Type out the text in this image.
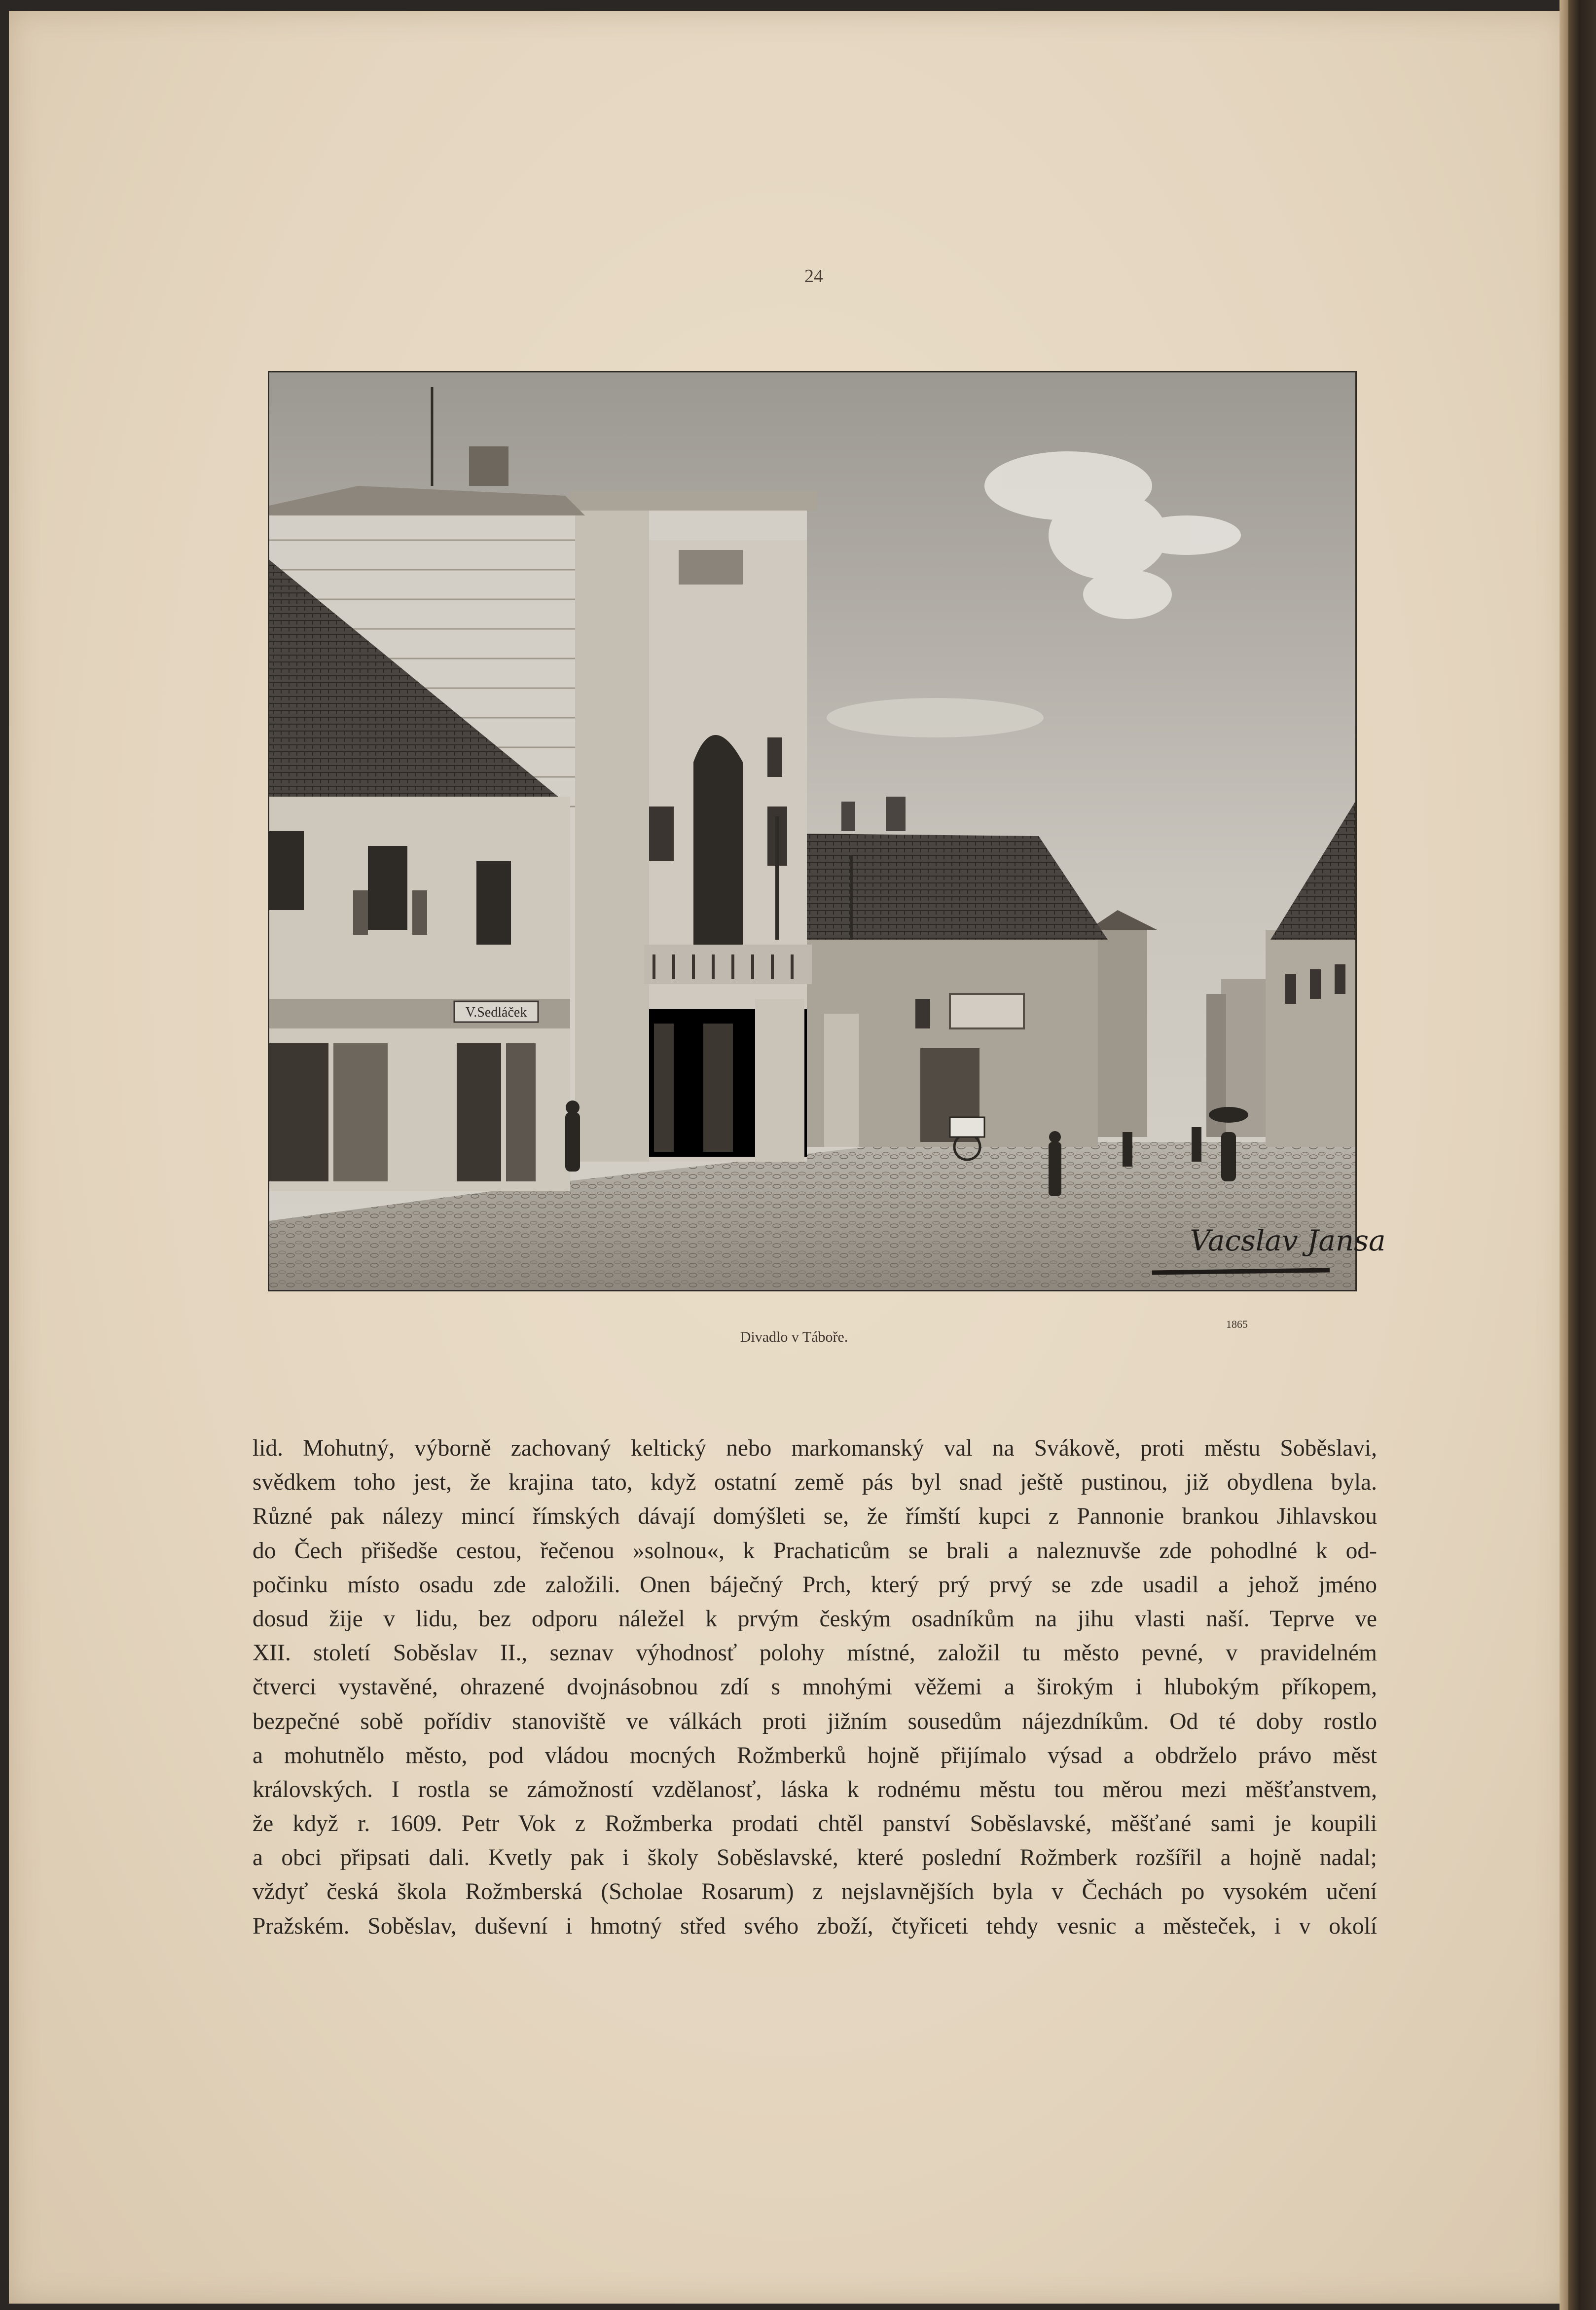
24
V.Sedláček
Vacslav Jansa
Divadlo v Táboře.
1865
lid. Mohutný, výborně zachovaný keltický nebo markomanský val na Svákově, proti městu Soběslavi,
svědkem toho jest, že krajina tato, když ostatní země pás byl snad ještě pustinou, již obydlena byla.
Různé pak nálezy mincí římských dávají domýšleti se, že římští kupci z Pannonie brankou Jihlavskou
do Čech přišedše cestou, řečenou »solnou«, k Prachaticům se brali a naleznuvše zde pohodlné k od-
počinku místo osadu zde založili. Onen báječný Prch, který prý prvý se zde usadil a jehož jméno
dosud žije v lidu, bez odporu náležel k prvým českým osadníkům na jihu vlasti naší. Teprve ve
XII. století Soběslav II., seznav výhodnosť polohy místné, založil tu město pevné, v pravidelném
čtverci vystavěné, ohrazené dvojnásobnou zdí s mnohými věžemi a širokým i hlubokým příkopem,
bezpečné sobě pořídiv stanoviště ve válkách proti jižním sousedům nájezdníkům. Od té doby rostlo
a mohutnělo město, pod vládou mocných Rožmberků hojně přijímalo výsad a obdrželo právo měst
královských. I rostla se zámožností vzdělanosť, láska k rodnému městu tou měrou mezi měšťanstvem,
že když r. 1609. Petr Vok z Rožmberka prodati chtěl panství Soběslavské, měšťané sami je koupili
a obci připsati dali. Kvetly pak i školy Soběslavské, které poslední Rožmberk rozšířil a hojně nadal;
vždyť česká škola Rožmberská (Scholae Rosarum) z nejslavnějších byla v Čechách po vysokém učení
Pražském. Soběslav, duševní i hmotný střed svého zboží, čtyřiceti tehdy vesnic a městeček, i v okolí
